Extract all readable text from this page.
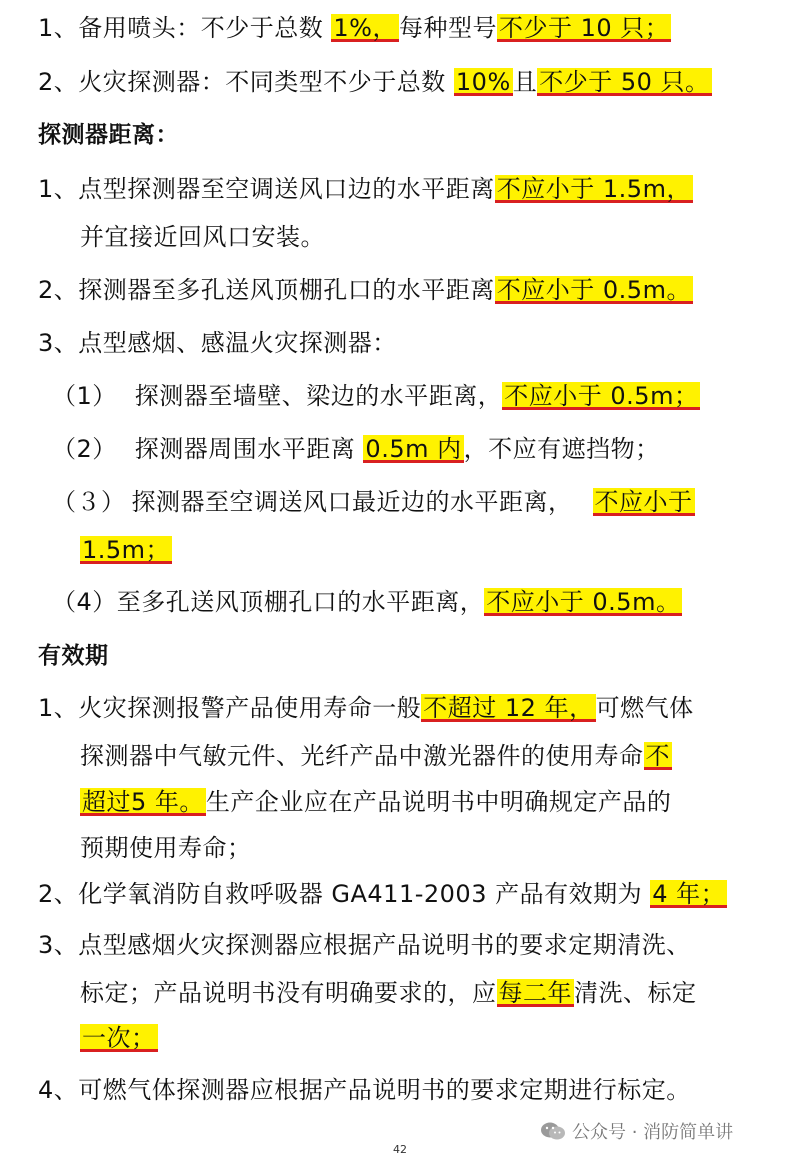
1、备用喷头：不少于总数 1%，每种型号不少于 10 只；
2、火灾探测器：不同类型不少于总数 10%且不少于 50 只。
探测器距离：
1、点型探测器至空调送风口边的水平距离不应小于 1.5m，
并宜接近回风口安装。
2、探测器至多孔送风顶棚孔口的水平距离不应小于 0.5m。
3、点型感烟、感温火灾探测器：
（1） 探测器至墙壁、梁边的水平距离，不应小于 0.5m；
（2） 探测器周围水平距离 0.5m 内，不应有遮挡物；
（３） 探测器至空调送风口最近边的水平距离， 不应小于
1.5m；
（4）至多孔送风顶棚孔口的水平距离，不应小于 0.5m。
有效期
1、火灾探测报警产品使用寿命一般不超过 12 年，可燃气体
探测器中气敏元件、光纤产品中激光器件的使用寿命不
超过5 年。生产企业应在产品说明书中明确规定产品的
预期使用寿命；
2、化学氧消防自救呼吸器 GA411-2003 产品有效期为 4 年；
3、点型感烟火灾探测器应根据产品说明书的要求定期清洗、
标定；产品说明书没有明确要求的，应每二年清洗、标定
一次；
4、可燃气体探测器应根据产品说明书的要求定期进行标定。
公众号 · 消防简单讲
42
